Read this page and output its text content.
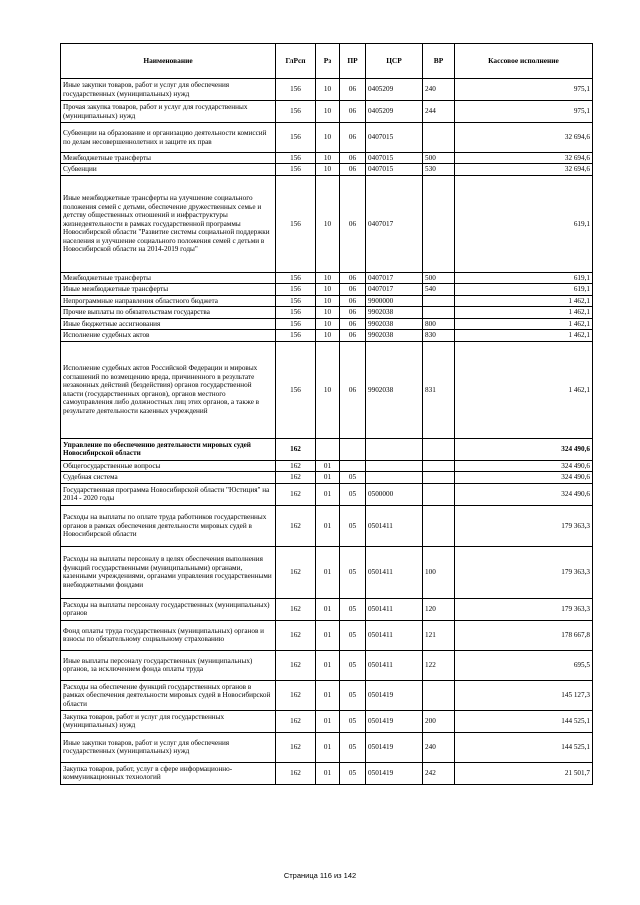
Наименование	ГлРсп	Рз	ПР	ЦСР	ВР	Кассовое исполнение
Иные закупки товаров, работ и услуг для обеспечения государственных (муниципальных) нужд	156	10	06	0405209	240	975,1
Прочая закупка товаров, работ и услуг для государственных (муниципальных) нужд	156	10	06	0405209	244	975,1
Субвенции на образование и организацию деятельности комиссий по делам несовершеннолетних и защите их прав	156	10	06	0407015		32 694,6
Межбюджетные трансферты	156	10	06	0407015	500	32 694,6
Субвенции	156	10	06	0407015	530	32 694,6
Иные межбюджетные трансферты на улучшение социального положения семей с детьми, обеспечение дружественных семье и детству общественных отношений и инфраструктуры жизнедеятельности в рамках государственной программы Новосибирской области "Развитие системы социальной поддержки населения и улучшение социального положения семей с детьми в Новосибирской области на 2014-2019 годы"	156	10	06	0407017		619,1
Межбюджетные трансферты	156	10	06	0407017	500	619,1
Иные межбюджетные трансферты	156	10	06	0407017	540	619,1
Непрограммные направления областного бюджета	156	10	06	9900000		1 462,1
Прочие выплаты по обязательствам государства	156	10	06	9902038		1 462,1
Иные бюджетные ассигнования	156	10	06	9902038	800	1 462,1
Исполнение судебных актов	156	10	06	9902038	830	1 462,1
Исполнение судебных актов Российской Федерации и мировых соглашений по возмещению вреда, причиненного в результате незаконных действий (бездействия) органов государственной власти (государственных органов), органов местного самоуправления либо должностных лиц этих органов, а также в результате деятельности казенных учреждений	156	10	06	9902038	831	1 462,1
Управление по обеспечению деятельности мировых судей Новосибирской области	162					324 490,6
Общегосударственные вопросы	162	01				324 490,6
Судебная система	162	01	05			324 490,6
Государственная программа Новосибирской области "Юстиция" на 2014 - 2020 годы	162	01	05	0500000		324 490,6
Расходы на выплаты по оплате труда работников государственных органов в рамках обеспечения деятельности мировых судей в Новосибирской области	162	01	05	0501411		179 363,3
Расходы на выплаты персоналу в целях обеспечения выполнения функций государственными (муниципальными) органами, казенными учреждениями, органами управления государственными внебюджетными фондами	162	01	05	0501411	100	179 363,3
Расходы на выплаты персоналу государственных (муниципальных) органов	162	01	05	0501411	120	179 363,3
Фонд оплаты труда государственных (муниципальных) органов и взносы по обязательному социальному страхованию	162	01	05	0501411	121	178 667,8
Иные выплаты персоналу государственных (муниципальных) органов, за исключением фонда оплаты труда	162	01	05	0501411	122	695,5
Расходы на обеспечение функций государственных органов в рамках обеспечения деятельности мировых судей в Новосибирской области	162	01	05	0501419		145 127,3
Закупка товаров, работ и услуг для государственных (муниципальных) нужд	162	01	05	0501419	200	144 525,1
Иные закупки товаров, работ и услуг для обеспечения государственных (муниципальных) нужд	162	01	05	0501419	240	144 525,1
Закупка товаров, работ, услуг в сфере информационно-коммуникационных технологий	162	01	05	0501419	242	21 501,7
Страница 116 из 142
